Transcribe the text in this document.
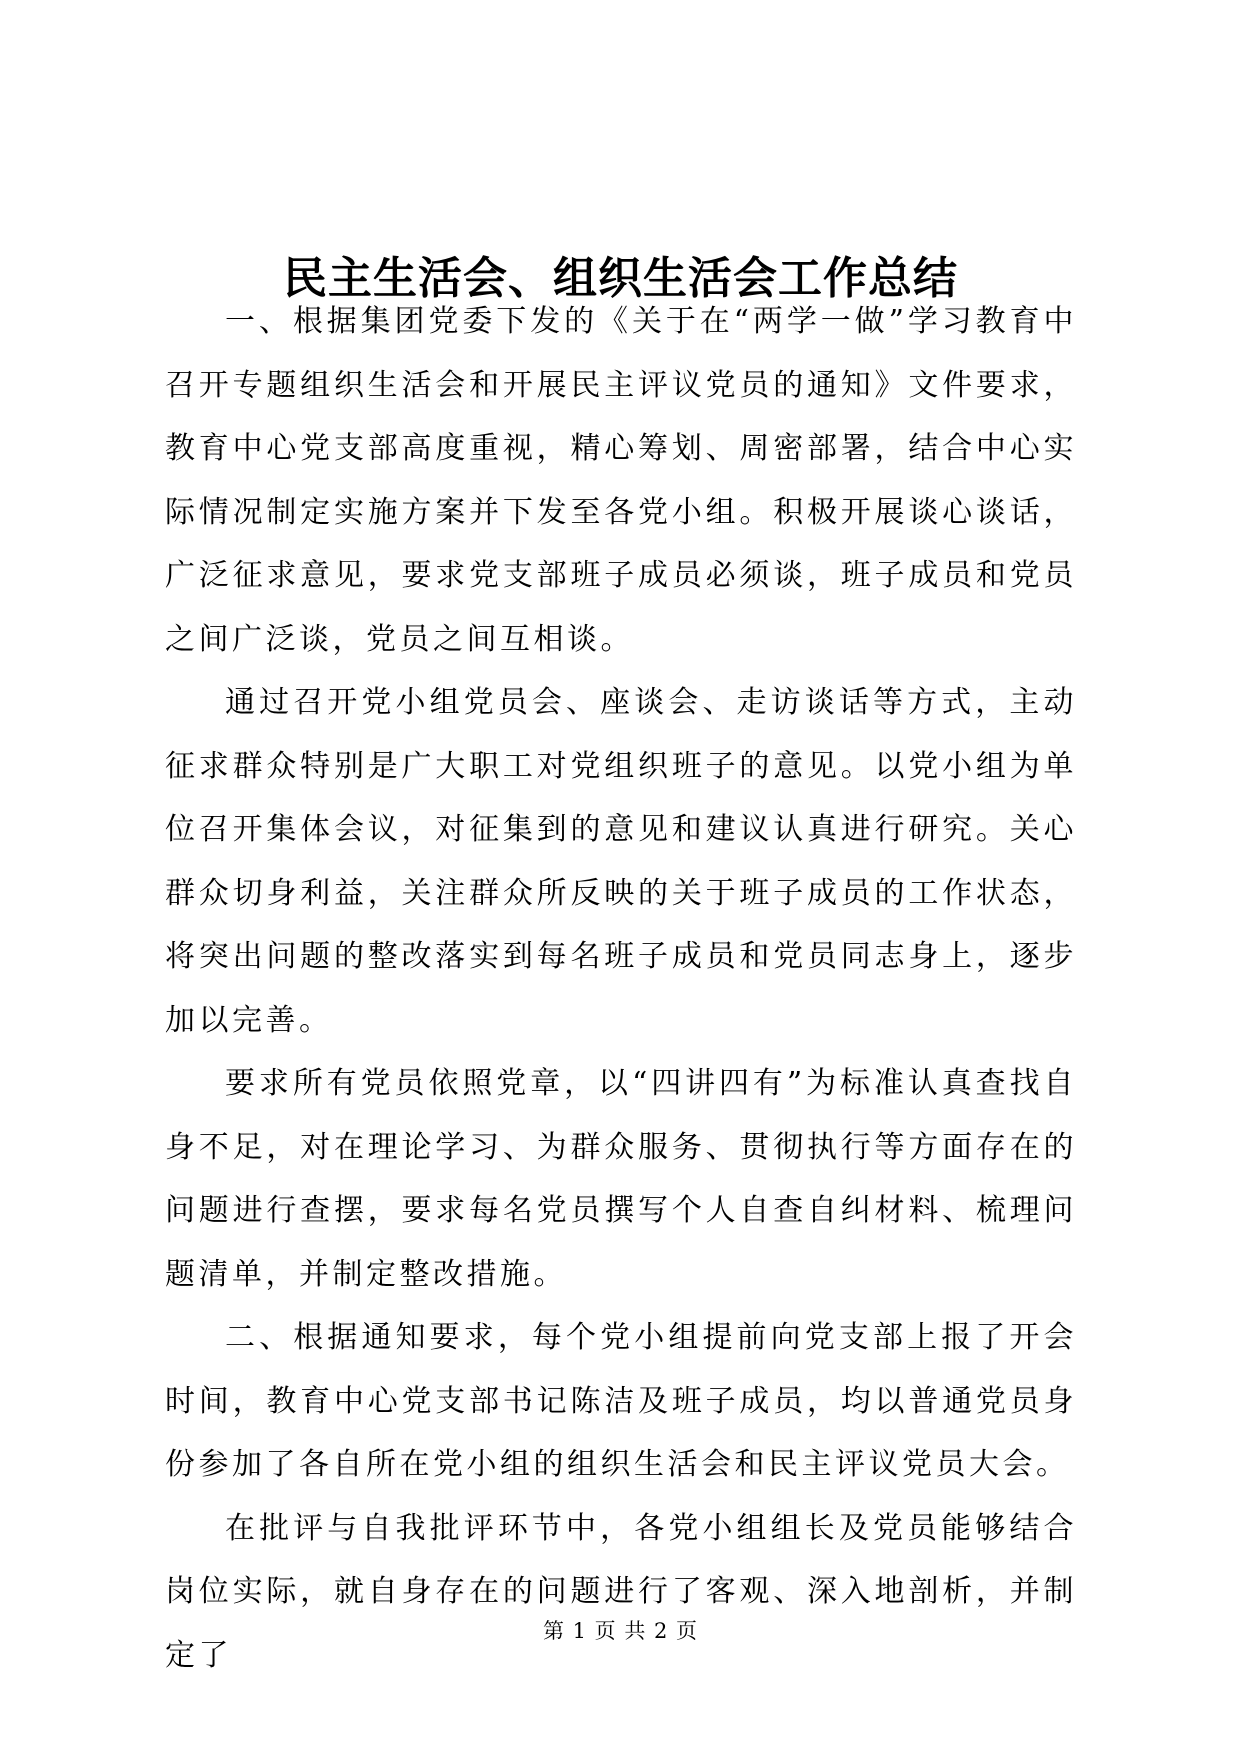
民主生活会、组织生活会工作总结

一、根据集团党委下发的《关于在“两学一做”学习教育中召开专题组织生活会和开展民主评议党员的通知》文件要求，教育中心党支部高度重视，精心筹划、周密部署，结合中心实际情况制定实施方案并下发至各党小组。积极开展谈心谈话，广泛征求意见，要求党支部班子成员必须谈，班子成员和党员之间广泛谈，党员之间互相谈。

通过召开党小组党员会、座谈会、走访谈话等方式，主动征求群众特别是广大职工对党组织班子的意见。以党小组为单位召开集体会议，对征集到的意见和建议认真进行研究。关心群众切身利益，关注群众所反映的关于班子成员的工作状态，将突出问题的整改落实到每名班子成员和党员同志身上，逐步加以完善。

要求所有党员依照党章，以“四讲四有”为标准认真查找自身不足，对在理论学习、为群众服务、贯彻执行等方面存在的问题进行查摆，要求每名党员撰写个人自查自纠材料、梳理问题清单，并制定整改措施。

二、根据通知要求，每个党小组提前向党支部上报了开会时间，教育中心党支部书记陈洁及班子成员，均以普通党员身份参加了各自所在党小组的组织生活会和民主评议党员大会。

在批评与自我批评环节中，各党小组组长及党员能够结合岗位实际，就自身存在的问题进行了客观、深入地剖析，并制定了

第 1 页 共 2 页
